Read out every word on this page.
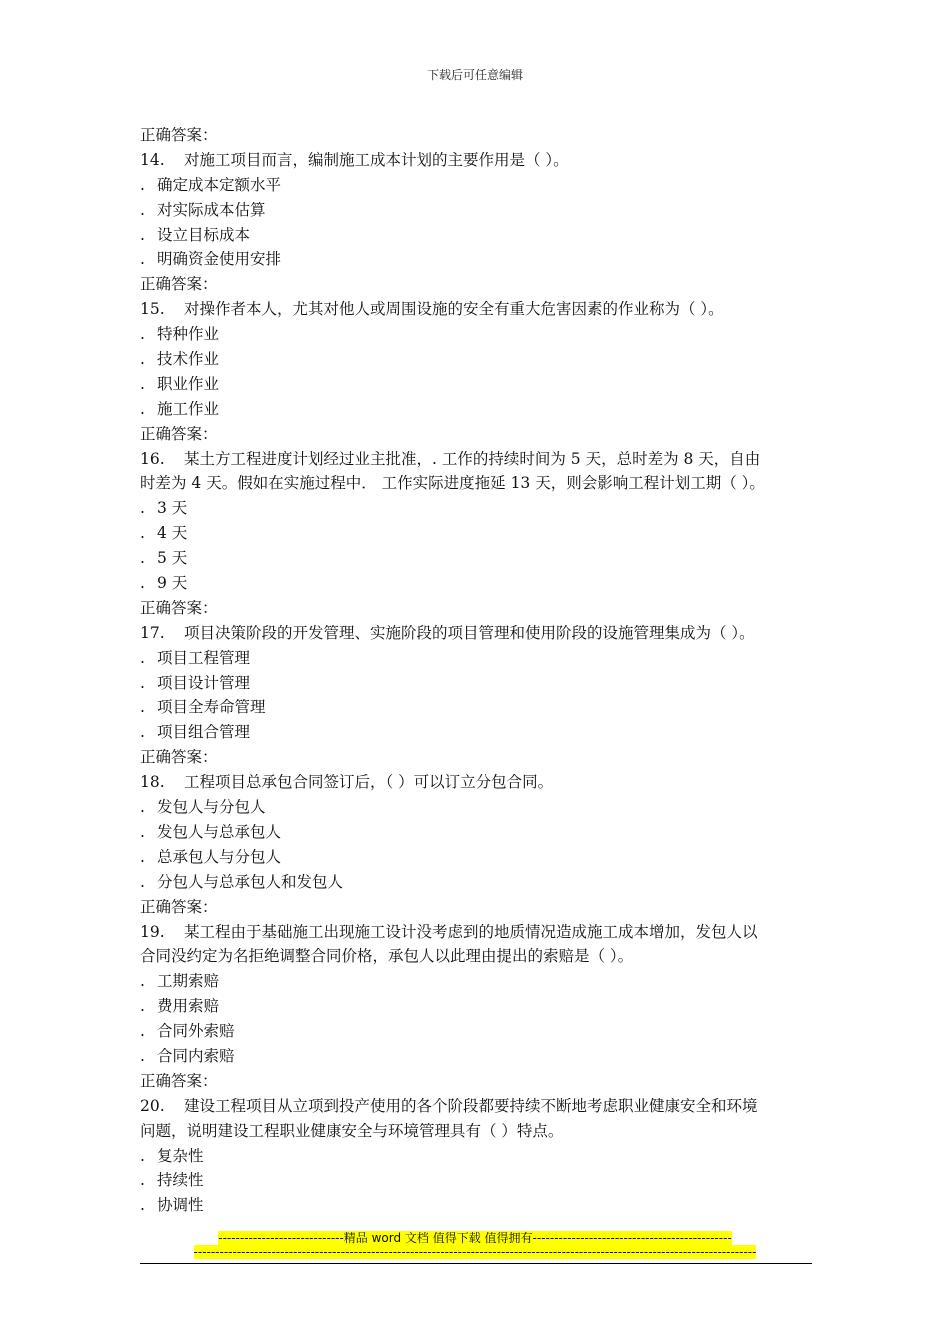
下载后可任意编辑
正确答案：
14. 对施工项目而言，编制施工成本计划的主要作用是（ ）。
. 确定成本定额水平
. 对实际成本估算
. 设立目标成本
. 明确资金使用安排
正确答案：
15. 对操作者本人，尤其对他人或周围设施的安全有重大危害因素的作业称为（ ）。
. 特种作业
. 技术作业
. 职业作业
. 施工作业
正确答案：
16. 某土方工程进度计划经过业主批准，. 工作的持续时间为 5 天，总时差为 8 天，自由
时差为 4 天。假如在实施过程中． 工作实际进度拖延 13 天，则会影响工程计划工期（ ）。
. 3 天
. 4 天
. 5 天
. 9 天
正确答案：
17. 项目决策阶段的开发管理、实施阶段的项目管理和使用阶段的设施管理集成为（ ）。
. 项目工程管理
. 项目设计管理
. 项目全寿命管理
. 项目组合管理
正确答案：
18. 工程项目总承包合同签订后，（ ）可以订立分包合同。
. 发包人与分包人
. 发包人与总承包人
. 总承包人与分包人
. 分包人与总承包人和发包人
正确答案：
19. 某工程由于基础施工出现施工设计没考虑到的地质情况造成施工成本增加，发包人以
合同没约定为名拒绝调整合同价格，承包人以此理由提出的索赔是（ ）。
. 工期索赔
. 费用索赔
. 合同外索赔
. 合同内索赔
正确答案：
20. 建设工程项目从立项到投产使用的各个阶段都要持续不断地考虑职业健康安全和环境
问题，说明建设工程职业健康安全与环境管理具有（ ）特点。
. 复杂性
. 持续性
. 协调性
-----------------------------精品 word 文档 值得下载 值得拥有----------------------------------------------
----------------------------------------------------------------------------------------------------------------------------------
